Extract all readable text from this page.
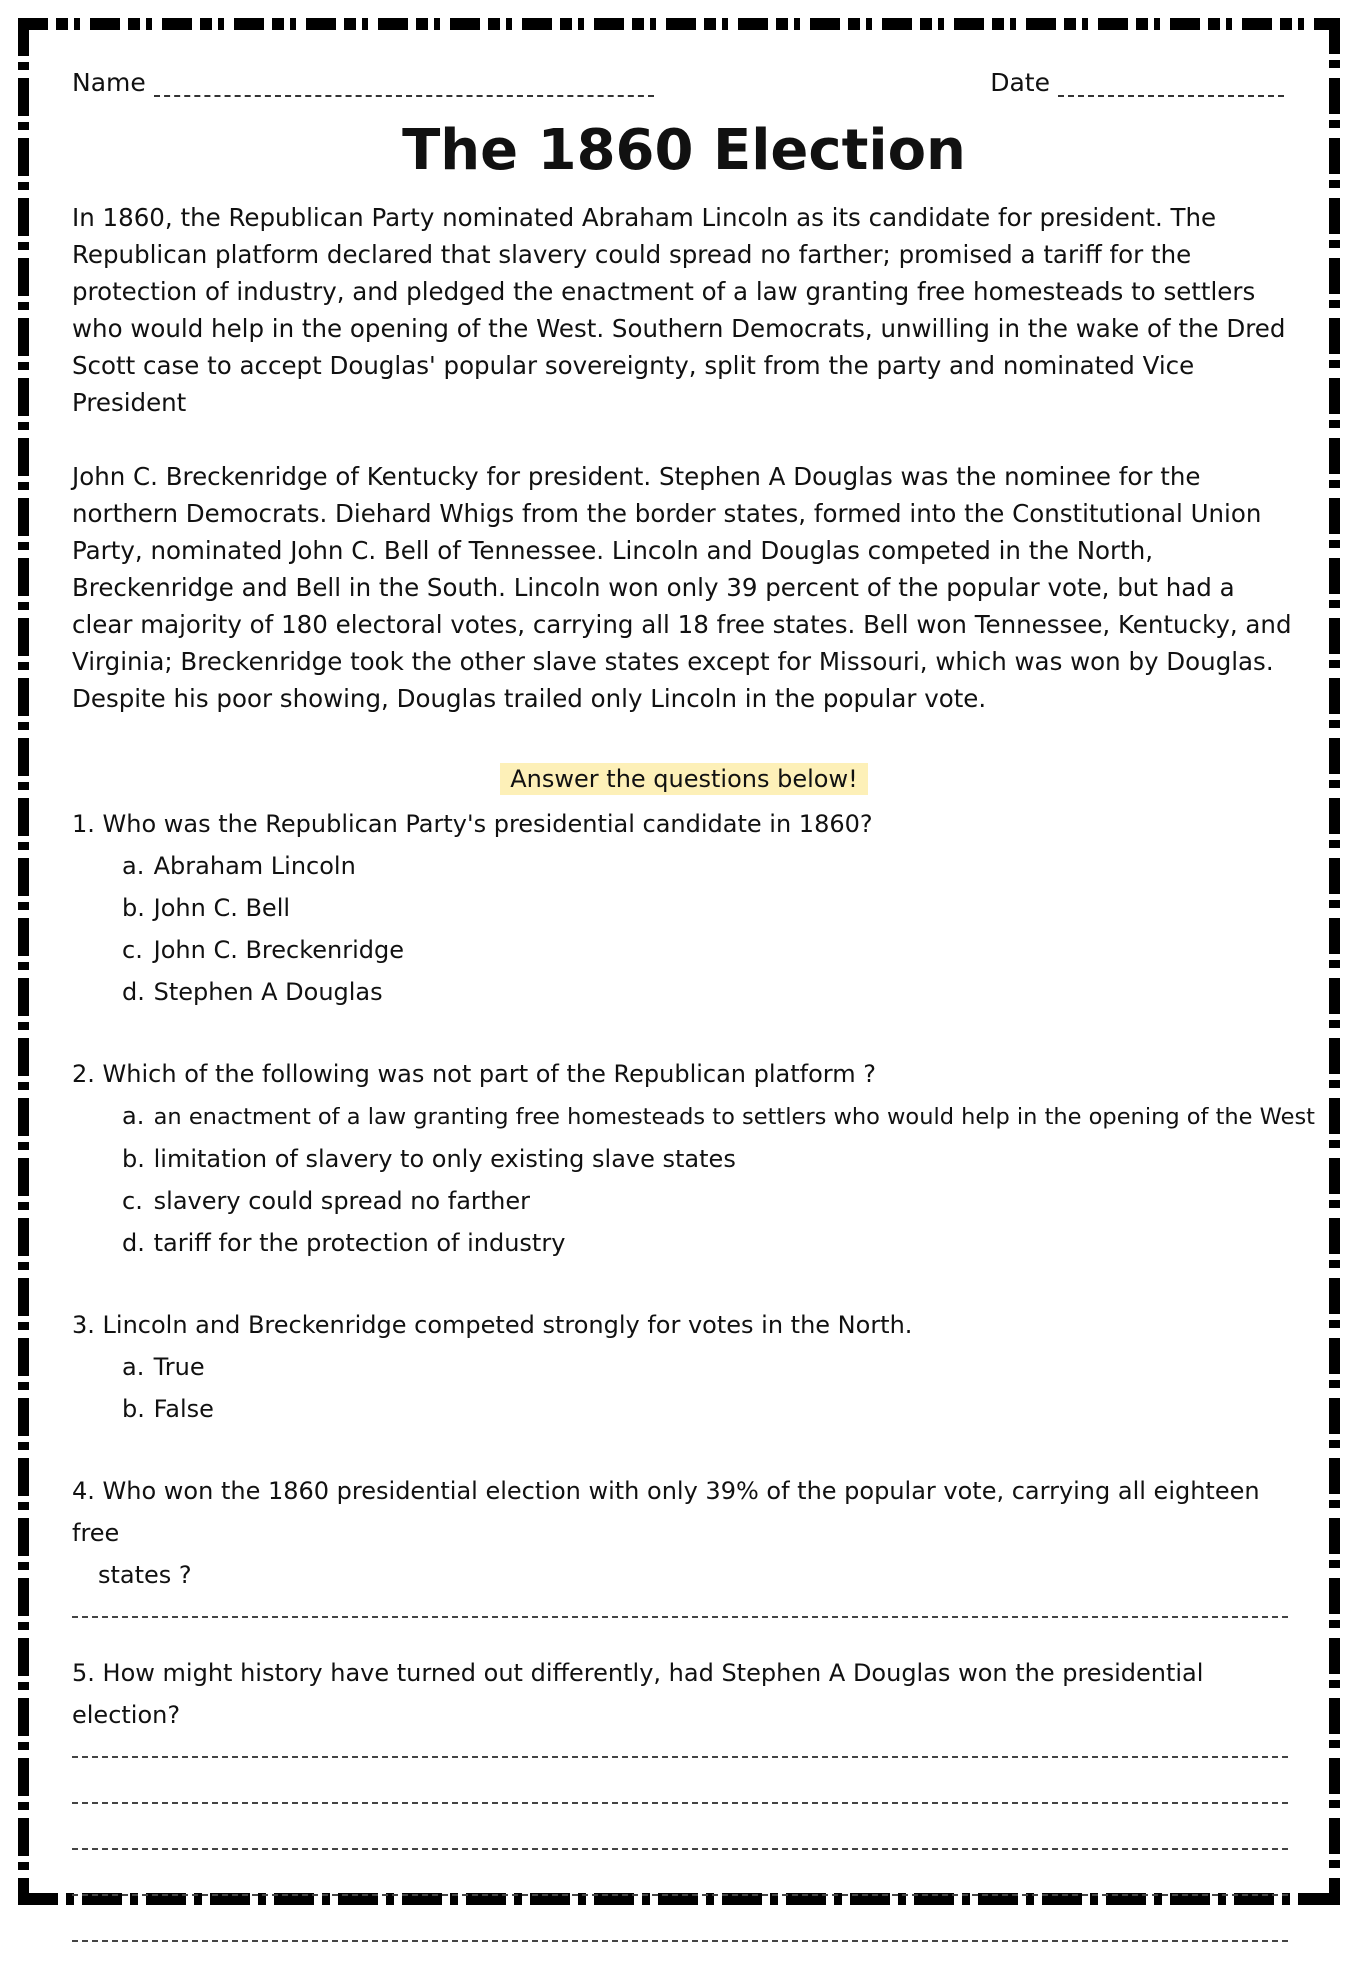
Name	Date
The 1860 Election

In 1860, the Republican Party nominated Abraham Lincoln as its candidate for president. The Republican platform declared that slavery could spread no farther; promised a tariff for the protection of industry, and pledged the enactment of a law granting free homesteads to settlers who would help in the opening of the West. Southern Democrats, unwilling in the wake of the Dred Scott case to accept Douglas' popular sovereignty, split from the party and nominated Vice President

John C. Breckenridge of Kentucky for president. Stephen A Douglas was the nominee for the northern Democrats. Diehard Whigs from the border states, formed into the Constitutional Union Party, nominated John C. Bell of Tennessee. Lincoln and Douglas competed in the North, Breckenridge and Bell in the South. Lincoln won only 39 percent of the popular vote, but had a clear majority of 180 electoral votes, carrying all 18 free states. Bell won Tennessee, Kentucky, and Virginia; Breckenridge took the other slave states except for Missouri, which was won by Douglas. Despite his poor showing, Douglas trailed only Lincoln in the popular vote.

Answer the questions below!

1. Who was the Republican Party's presidential candidate in 1860?

a. Abraham Lincoln
b. John C. Bell
c. John C. Breckenridge
d. Stephen A Douglas

2. Which of the following was not part of the Republican platform ?

a. an enactment of a law granting free homesteads to settlers who would help in the opening of the West
b. limitation of slavery to only existing slave states
c. slavery could spread no farther
d. tariff for the protection of industry

3. Lincoln and Breckenridge competed strongly for votes in the North.

a. True
b. False

4. Who won the 1860 presidential election with only 39% of the popular vote, carrying all eighteen free

states ?

5. How might history have turned out differently, had Stephen A Douglas won the presidential election?
